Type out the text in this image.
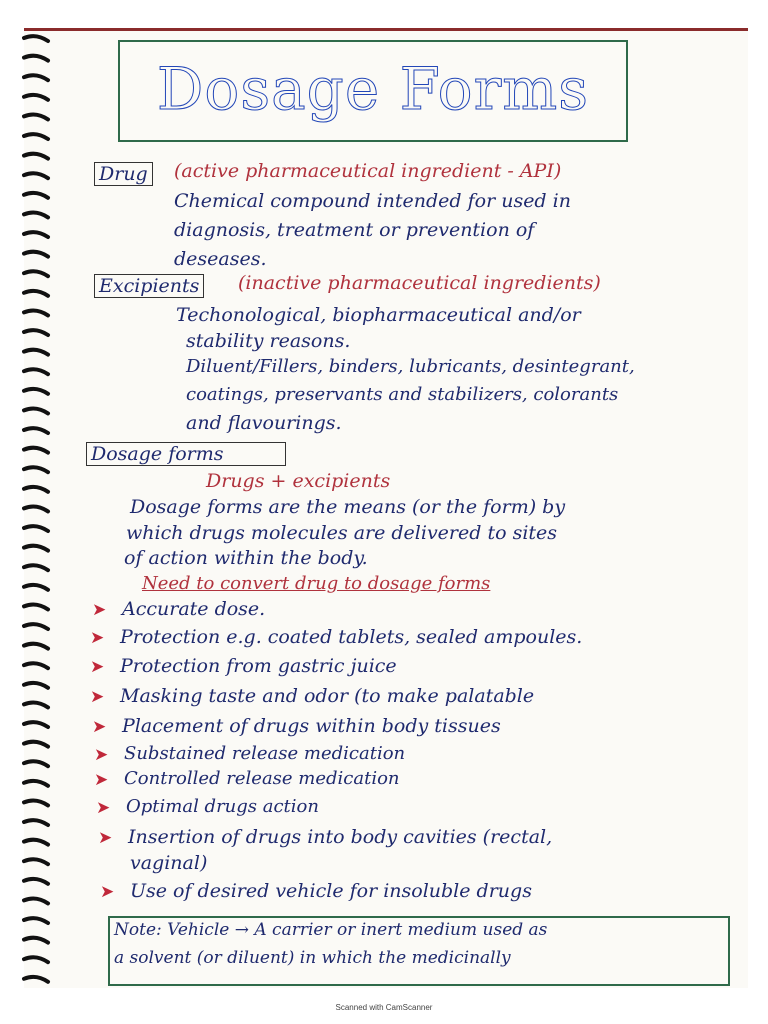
Dosage Forms
Drug (active pharmaceutical ingredient - API)
Chemical compound intended for used in
diagnosis, treatment or prevention of
deseases.
Excipients (inactive pharmaceutical ingredients)
Techonological, biopharmaceutical and/or
stability reasons.
Diluent/Fillers, binders, lubricants, desintegrant,
coatings, preservants and stabilizers, colorants
and flavourings.
Dosage forms
Drugs + excipients
Dosage forms are the means (or the form) by
which drugs molecules are delivered to sites
of action within the body.
Need to convert drug to dosage forms
➤ Accurate dose.
➤ Protection e.g. coated tablets, sealed ampoules.
➤ Protection from gastric juice
➤ Masking taste and odor (to make palatable
➤ Placement of drugs within body tissues
➤ Substained release medication
➤ Controlled release medication
➤ Optimal drugs action
➤ Insertion of drugs into body cavities (rectal,
vaginal)
➤ Use of desired vehicle for insoluble drugs
Note: Vehicle → A carrier or inert medium used as
a solvent (or diluent) in which the medicinally
Scanned with CamScanner
